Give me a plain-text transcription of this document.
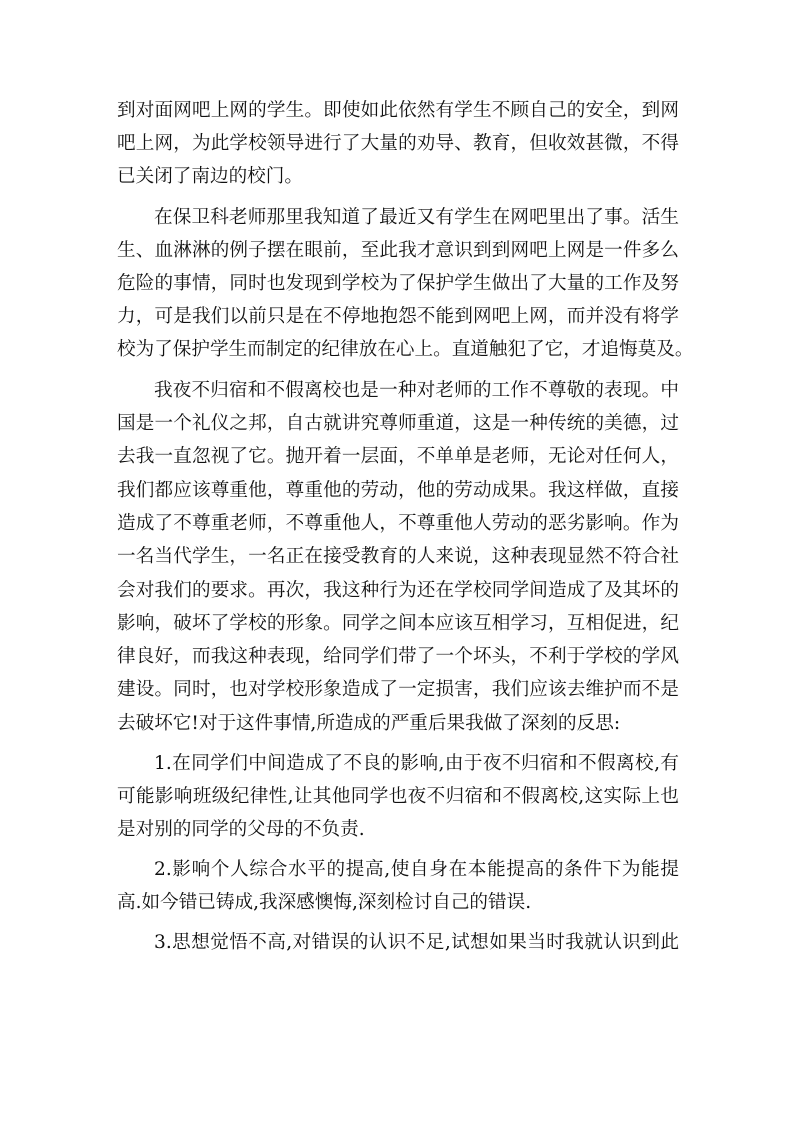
到对面网吧上网的学生。即使如此依然有学生不顾自己的安全，到网
吧上网，为此学校领导进行了大量的劝导、教育，但收效甚微，不得
已关闭了南边的校门。
在保卫科老师那里我知道了最近又有学生在网吧里出了事。活生
生、血淋淋的例子摆在眼前，至此我才意识到到网吧上网是一件多么
危险的事情，同时也发现到学校为了保护学生做出了大量的工作及努
力，可是我们以前只是在不停地抱怨不能到网吧上网，而并没有将学
校为了保护学生而制定的纪律放在心上。直道触犯了它，才追悔莫及。
我夜不归宿和不假离校也是一种对老师的工作不尊敬的表现。中
国是一个礼仪之邦，自古就讲究尊师重道，这是一种传统的美德，过
去我一直忽视了它。抛开着一层面，不单单是老师，无论对任何人，
我们都应该尊重他，尊重他的劳动，他的劳动成果。我这样做，直接
造成了不尊重老师，不尊重他人，不尊重他人劳动的恶劣影响。作为
一名当代学生，一名正在接受教育的人来说，这种表现显然不符合社
会对我们的要求。再次，我这种行为还在学校同学间造成了及其坏的
影响，破坏了学校的形象。同学之间本应该互相学习，互相促进，纪
律良好，而我这种表现，给同学们带了一个坏头，不利于学校的学风
建设。同时，也对学校形象造成了一定损害，我们应该去维护而不是
去破坏它!对于这件事情,所造成的严重后果我做了深刻的反思:
1.在同学们中间造成了不良的影响,由于夜不归宿和不假离校,有
可能影响班级纪律性,让其他同学也夜不归宿和不假离校,这实际上也
是对别的同学的父母的不负责.
2.影响个人综合水平的提高,使自身在本能提高的条件下为能提
高.如今错已铸成,我深感懊悔,深刻检讨自己的错误.
3.思想觉悟不高,对错误的认识不足,试想如果当时我就认识到此
